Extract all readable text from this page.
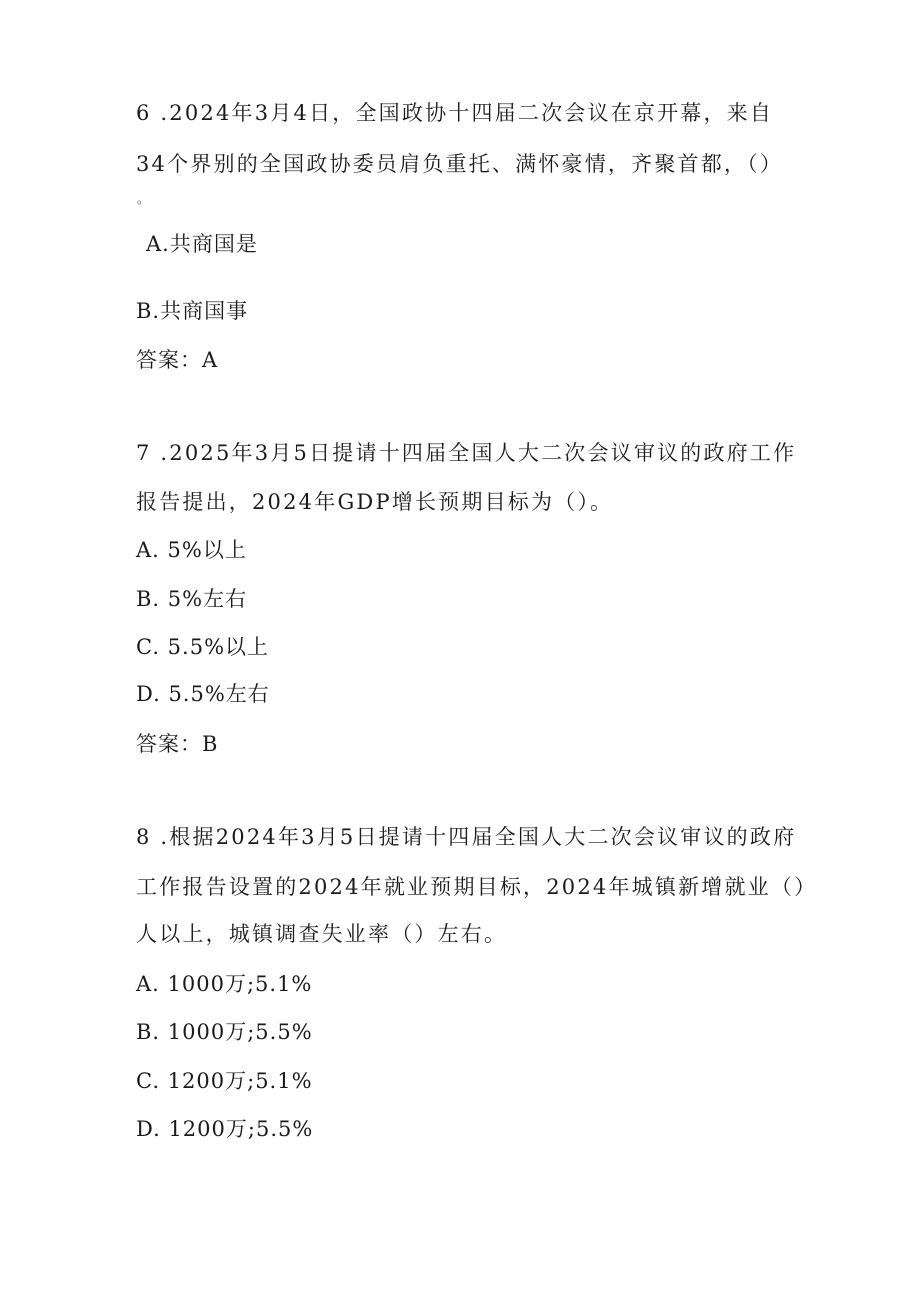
6 .2024年3月4日，全国政协十四届二次会议在京开幕，来自
34个界别的全国政协委员肩负重托、满怀豪情，齐聚首都，（）
。
A.共商国是
B.共商国事
答案：A
7 .2025年3月5日提请十四届全国人大二次会议审议的政府工作
报告提出，2024年GDP增长预期目标为（）。
A. 5%以上
B. 5%左右
C. 5.5%以上
D. 5.5%左右
答案：B
8 .根据2024年3月5日提请十四届全国人大二次会议审议的政府
工作报告设置的2024年就业预期目标，2024年城镇新增就业（）
人以上，城镇调查失业率（）左右。
A. 1000万;5.1%
B. 1000万;5.5%
C. 1200万;5.1%
D. 1200万;5.5%
